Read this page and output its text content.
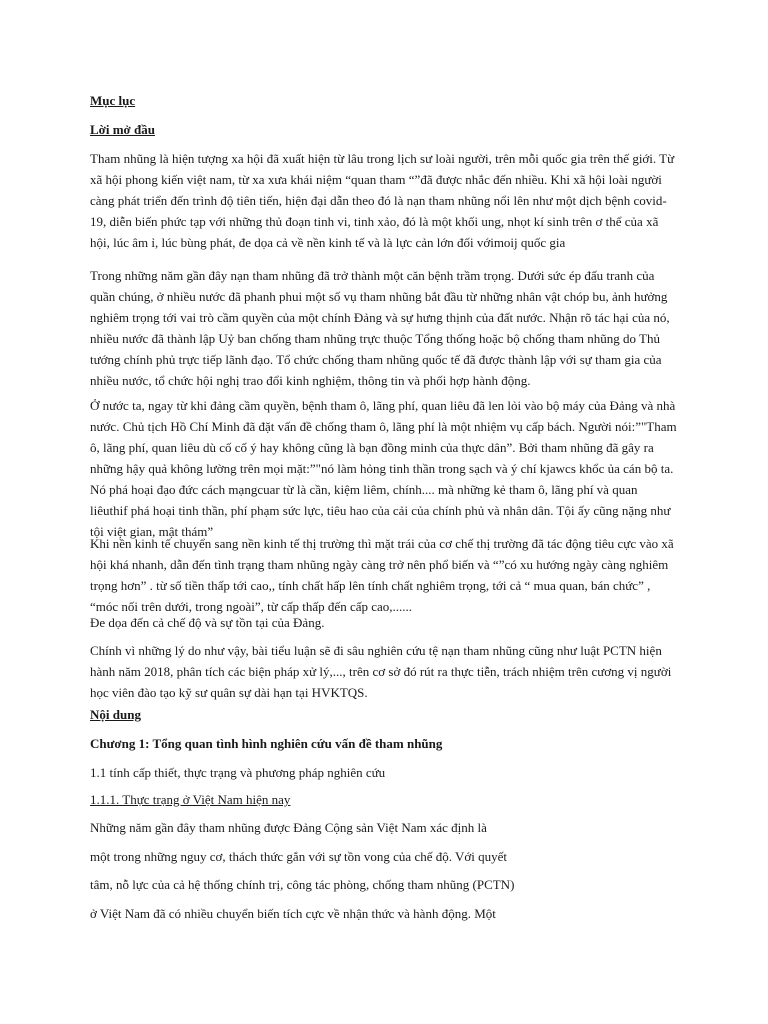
Mục lục
Lời mở đầu
Tham nhũng là hiện tượng xa hội đã xuất hiện từ lâu trong lịch sư loài người, trên mỗi quốc gia trên thế giới. Từ xã hội phong kiến việt nam, từ xa xưa khái niệm “quan tham “”đã được nhắc đến nhiều. Khi xã hội loài người càng phát triển đến trình độ tiên tiến, hiện đại dẫn theo đó là nạn tham nhũng nổi lên như một dịch bệnh covid-19, diễn biến phức tạp với những thủ đoạn tinh vi, tinh xảo, đó là một khối ung, nhọt kí sinh trên ơ thể của xã hội, lúc âm ỉ, lúc bùng phát, đe dọa cả về nền kinh tế và là lực cản lớn đối vớimoij quốc gia
Trong những năm gần đây nạn tham nhũng đã trở thành một căn bệnh trầm trọng. Dưới sức ép đấu tranh của quần chúng, ở nhiều nước đã phanh phui một số vụ tham nhũng bắt đầu từ những nhân vật chóp bu, ảnh hưởng nghiêm trọng tới vai trò cầm quyền của một chính Đảng và sự hưng thịnh của đất nước. Nhận rõ tác hại của nó, nhiều nước đã thành lập Uỷ ban chống tham nhũng trực thuộc Tổng thống hoặc bộ chống tham nhũng do Thủ tướng chính phủ trực tiếp lãnh đạo. Tổ chức chống tham nhũng quốc tế đã được thành lập với sự tham gia của nhiều nước, tổ chức hội nghị trao đổi kinh nghiệm, thông tin và phối hợp hành động.
Ở nước ta, ngay từ khi đảng cầm quyền, bệnh tham ô, lãng phí, quan liêu đã len lỏi vào bộ máy của Đảng và nhà nước. Chủ tịch Hồ Chí Minh đã đặt vấn đề chống tham ô, lãng phí là một nhiệm vụ cấp bách. Người nói:”"Tham ô, lãng phí, quan liêu dù cố cố ý hay không cũng là bạn đồng minh của thực dân”. Bởi tham nhũng đã gây ra những hậy quả không lường trên mọi mặt:”"nó làm hỏng tinh thần trong sạch và ý chí kjawcs khổc ủa cán bộ ta. Nó phá hoại đạo đức cách mạngcuar từ là cần, kiệm liêm, chính.... mà những kẻ tham ô, lãng phí và quan liêuthif phá hoại tinh thần, phí phạm sức lực, tiêu hao của cải của chính phủ và nhân dân. Tội ấy cũng nặng như tội việt gian, mật thám”
Khi nền kinh tế chuyển sang nền kinh tế thị trường thì mặt trái của cơ chế thị trường đã tác động tiêu cực vào xã hội khá nhanh, dẫn đến tình trạng tham nhũng ngày càng trở nên phổ biến và “”có xu hướng ngày càng nghiêm trọng hơn” . từ số tiền thấp tới cao,, tính chất hấp lên tính chất nghiêm trọng, tới cả “ mua quan, bán chức” , “móc nối trên dưới, trong ngoài”, từ cấp thấp đến cấp cao,......
Đe dọa đến cả chế độ và sự tồn tại của Đảng.
Chính vì những lý do như vậy, bài tiểu luận sẽ đi sâu nghiên cứu tệ nạn tham nhũng cũng như luật PCTN hiện hành năm 2018, phân tích các biện pháp xử lý,..., trên cơ sở đó rút ra thực tiễn, trách nhiệm trên cương vị người học viên đào tạo kỹ sư quân sự dài hạn tại HVKTQS.
Nội dung
Chương 1: Tổng quan tình hình nghiên cứu vấn đề tham nhũng
1.1 tính cấp thiết, thực trạng và phương pháp nghiên cứu
1.1.1. Thực trạng ở Việt Nam hiện nay
Những năm gần đây tham nhũng được Đảng Cộng sản Việt Nam xác định là
một trong những nguy cơ, thách thức gắn với sự tồn vong của chế độ. Với quyết
tâm, nỗ lực của cả hệ thống chính trị, công tác phòng, chống tham nhũng (PCTN)
ở Việt Nam đã có nhiều chuyển biến tích cực về nhận thức và hành động. Một
